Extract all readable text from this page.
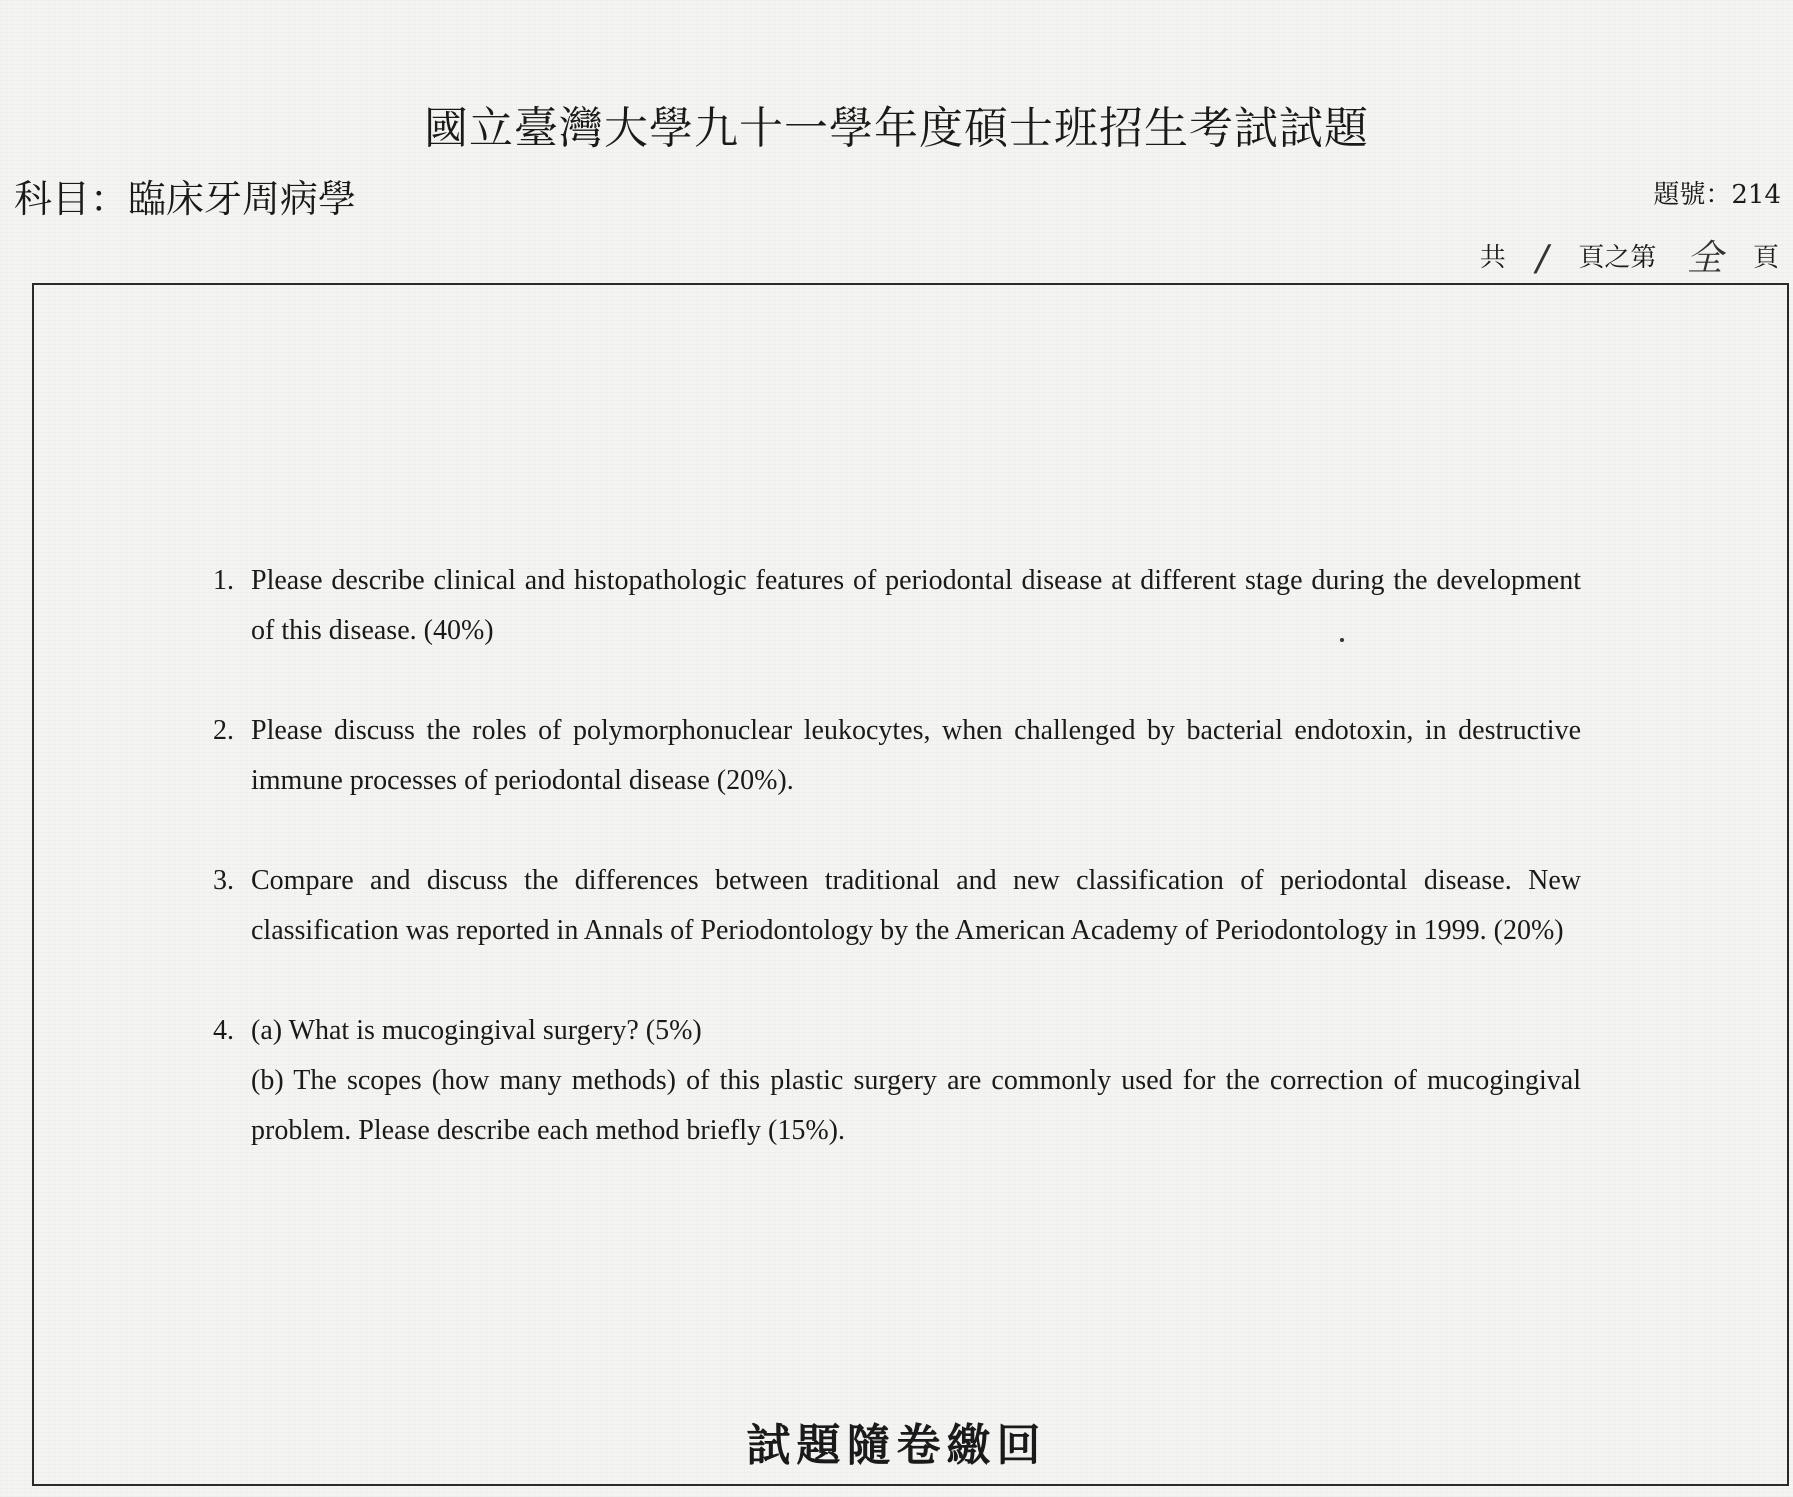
國立臺灣大學九十一學年度碩士班招生考試試題
科目：臨床牙周病學	題號：214
共 / 頁之第 全 頁
1. Please describe clinical and histopathologic features of periodontal disease at different stage during the development of this disease. (40%)
2. Please discuss the roles of polymorphonuclear leukocytes, when challenged by bacterial endotoxin, in destructive immune processes of periodontal disease (20%).
3. Compare and discuss the differences between traditional and new classification of periodontal disease. New classification was reported in Annals of Periodontology by the American Academy of Periodontology in 1999. (20%)
4. (a) What is mucogingival surgery? (5%)
(b) The scopes (how many methods) of this plastic surgery are commonly used for the correction of mucogingival problem. Please describe each method briefly (15%).
試題隨卷繳回
